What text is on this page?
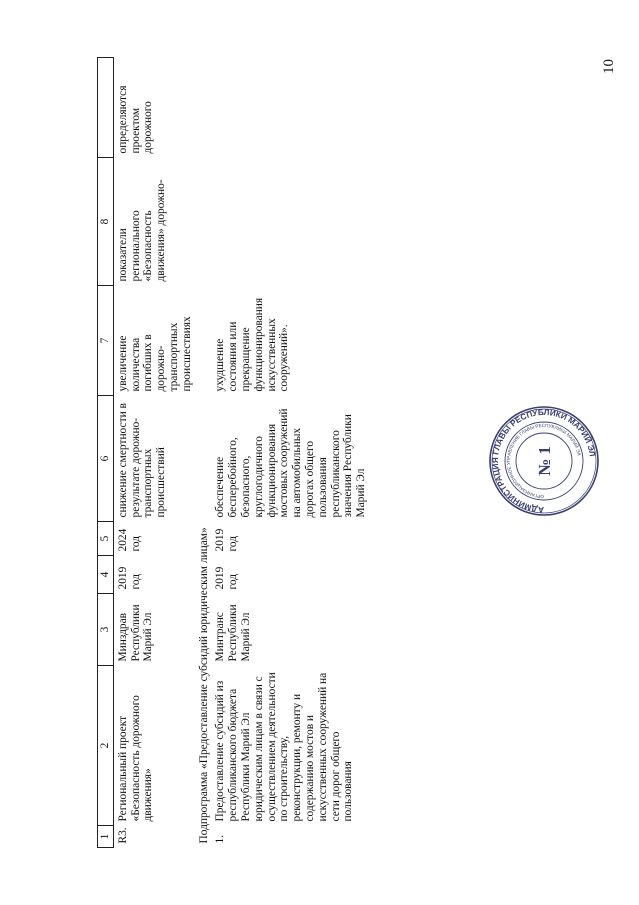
10
1	2	3	4	5	6	7	8	
R3.	Региональный проект «Безопасность дорожного движения»	Минздрав Республики Марий Эл	2019 год	2024 год	снижение смертности в результате дорожно-транспортных происшествий	увеличение количества погибших в дорожно-транспортных происшествиях	показатели регионального «Безопасность движения» дорожно-	определяются проектом дорожного
Подпрограмма «Предоставление субсидий юридическим лицам»								
1.	Предоставление субсидий из республиканского бюджета Республики Марий Эл юридическим лицам в связи с осуществлением деятельности по строительству, реконструкции, ремонту и содержанию мостов и искусственных сооружений на сети дорог общего пользования	Минтранс Республики Марий Эл	2019 год	2019 год	обеспечение бесперебойного, безопасного, круглогодичного функционирования мостовых сооружений на автомобильных дорогах общего пользования республиканского значения Республики Марий Эл	ухудшение состояния или прекращение функционирования искусственных сооружений».		
АДМИНИСТРАЦИЯ ГЛАВЫ РЕСПУБЛИКИ МАРИЙ ЭЛ
ОРГАНИЗАЦИОННОЕ УПРАВЛЕНИЕ ГЛАВЫ РЕСПУБЛИКИ МАРИЙ ЭЛ
№ 1
